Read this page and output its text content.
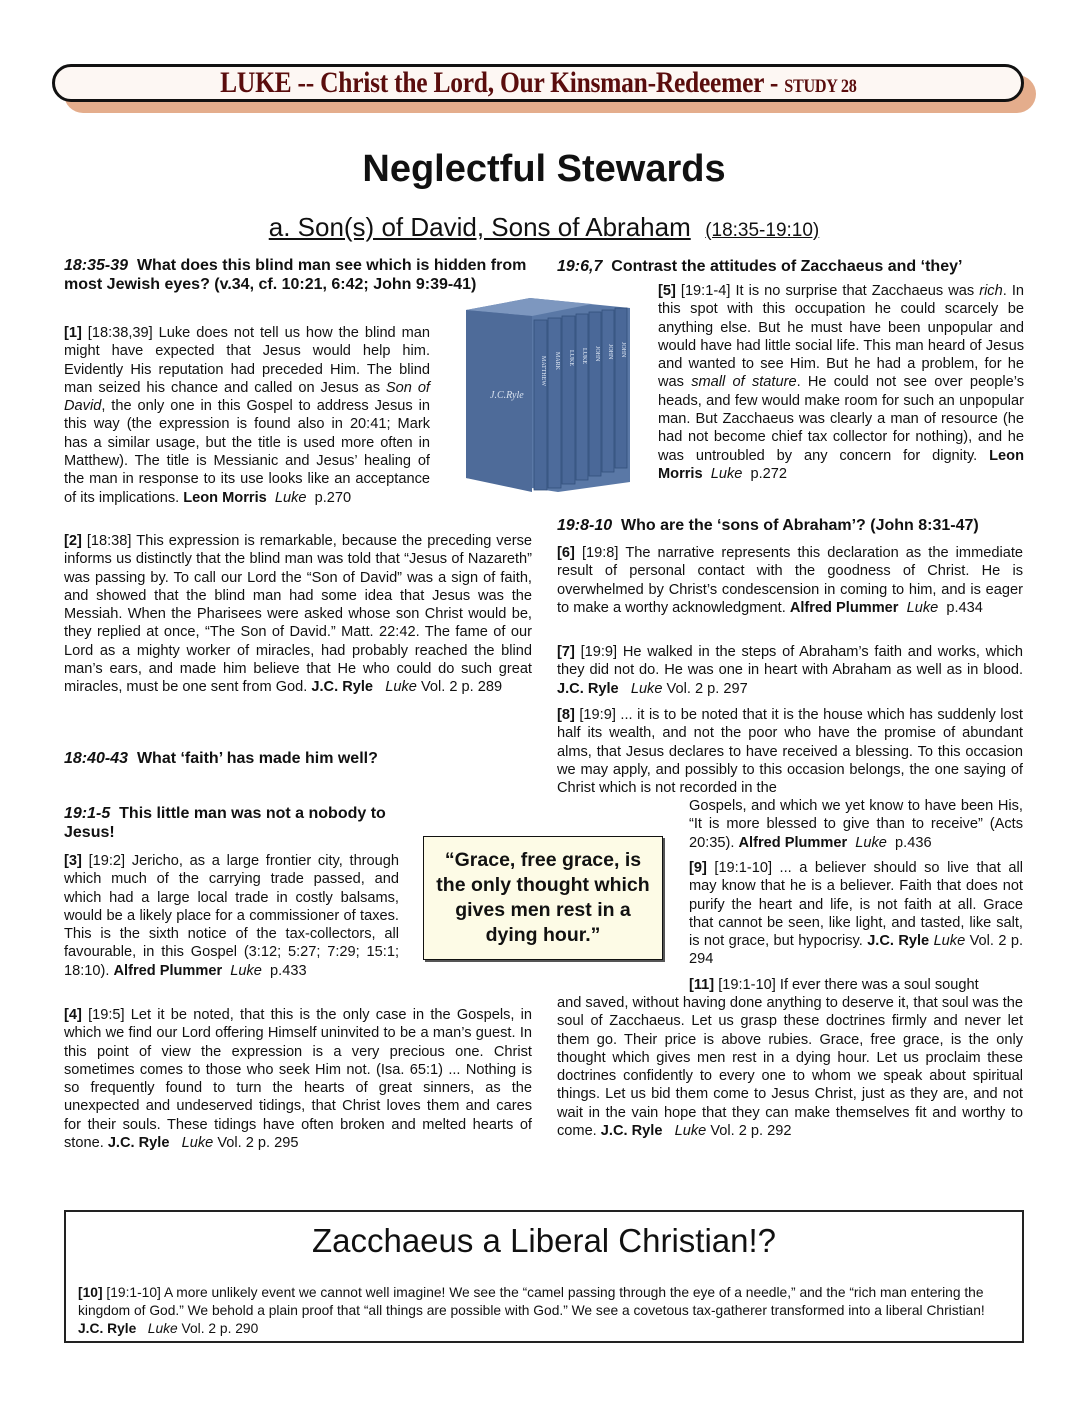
LUKE -- Christ the Lord, Our Kinsman-Redeemer - STUDY 28
Neglectful Stewards
a. Son(s) of David, Sons of Abraham (18:35-19:10)
18:35-39 What does this blind man see which is hidden from most Jewish eyes? (v.34, cf. 10:21, 6:42; John 9:39-41)
[1] [18:38,39] Luke does not tell us how the blind man might have expected that Jesus would help him. Evidently His reputation had preceded Him. The blind man seized his chance and called on Jesus as Son of David, the only one in this Gospel to address Jesus in this way (the expression is found also in 20:41; Mark has a similar usage, but the title is used more often in Matthew). The title is Messianic and Jesus’ healing of the man in response to its use looks like an acceptance of its implications. Leon Morris Luke p.270
J.C.Ryle
MATTHEW MARK LUKE LUKE JOHN JOHN JOHN
[2] [18:38] This expression is remarkable, because the preceding verse informs us distinctly that the blind man was told that “Jesus of Nazareth” was passing by. To call our Lord the “Son of David” was a sign of faith, and showed that the blind man had some idea that Jesus was the Messiah. When the Pharisees were asked whose son Christ would be, they replied at once, “The Son of David.” Matt. 22:42. The fame of our Lord as a mighty worker of miracles, had probably reached the blind man’s ears, and made him believe that He who could do such great miracles, must be one sent from God. J.C. Ryle Luke Vol. 2 p. 289
18:40-43 What ‘faith’ has made him well?
19:1-5 This little man was not a nobody to Jesus!
[3] [19:2] Jericho, as a large frontier city, through which much of the carrying trade passed, and which had a large local trade in costly balsams, would be a likely place for a commissioner of taxes. This is the sixth notice of the tax-collectors, all favourable, in this Gospel (3:12; 5:27; 7:29; 15:1; 18:10). Alfred Plummer Luke p.433
[4] [19:5] Let it be noted, that this is the only case in the Gospels, in which we find our Lord offering Himself uninvited to be a man’s guest. In this point of view the expression is a very precious one. Christ sometimes comes to those who seek Him not. (Isa. 65:1) ... Nothing is so frequently found to turn the hearts of great sinners, as the unexpected and undeserved tidings, that Christ loves them and cares for their souls. These tidings have often broken and melted hearts of stone. J.C. Ryle Luke Vol. 2 p. 295
19:6,7 Contrast the attitudes of Zacchaeus and ‘they’
[5] [19:1-4] It is no surprise that Zacchaeus was rich. In this spot with this occupation he could scarcely be anything else. But he must have been unpopular and would have had little social life. This man heard of Jesus and wanted to see Him. But he had a problem, for he was small of stature. He could not see over people’s heads, and few would make room for such an unpopular man. But Zacchaeus was clearly a man of resource (he had not become chief tax collector for nothing), and he was untroubled by any concern for dignity. Leon Morris Luke p.272
19:8-10 Who are the ‘sons of Abraham’? (John 8:31-47)
[6] [19:8] The narrative represents this declaration as the immediate result of personal contact with the goodness of Christ. He is overwhelmed by Christ’s condescension in coming to him, and is eager to make a worthy acknowledgment. Alfred Plummer Luke p.434
[7] [19:9] He walked in the steps of Abraham’s faith and works, which they did not do. He was one in heart with Abraham as well as in blood. J.C. Ryle Luke Vol. 2 p. 297
[8] [19:9] ... it is to be noted that it is the house which has suddenly lost half its wealth, and not the poor who have the promise of abundant alms, that Jesus declares to have received a blessing. To this occasion we may apply, and possibly to this occasion belongs, the one saying of Christ which is not recorded in the
Gospels, and which we yet know to have been His, “It is more blessed to give than to receive” (Acts 20:35). Alfred Plummer Luke p.436
“Grace, free grace, is the only thought which gives men rest in a dying hour.”
[9] [19:1-10] ... a believer should so live that all may know that he is a believer. Faith that does not purify the heart and life, is not faith at all. Grace that cannot be seen, like light, and tasted, like salt, is not grace, but hypocrisy. J.C. Ryle Luke Vol. 2 p. 294
[11] [19:1-10] If ever there was a soul sought
and saved, without having done anything to deserve it, that soul was the soul of Zacchaeus. Let us grasp these doctrines firmly and never let them go. Their price is above rubies. Grace, free grace, is the only thought which gives men rest in a dying hour. Let us proclaim these doctrines confidently to every one to whom we speak about spiritual things. Let us bid them come to Jesus Christ, just as they are, and not wait in the vain hope that they can make themselves fit and worthy to come. J.C. Ryle Luke Vol. 2 p. 292
Zacchaeus a Liberal Christian!?
[10] [19:1-10] A more unlikely event we cannot well imagine! We see the “camel passing through the eye of a needle,” and the “rich man entering the kingdom of God.” We behold a plain proof that “all things are possible with God.” We see a covetous tax-gatherer transformed into a liberal Christian! J.C. Ryle Luke Vol. 2 p. 290
